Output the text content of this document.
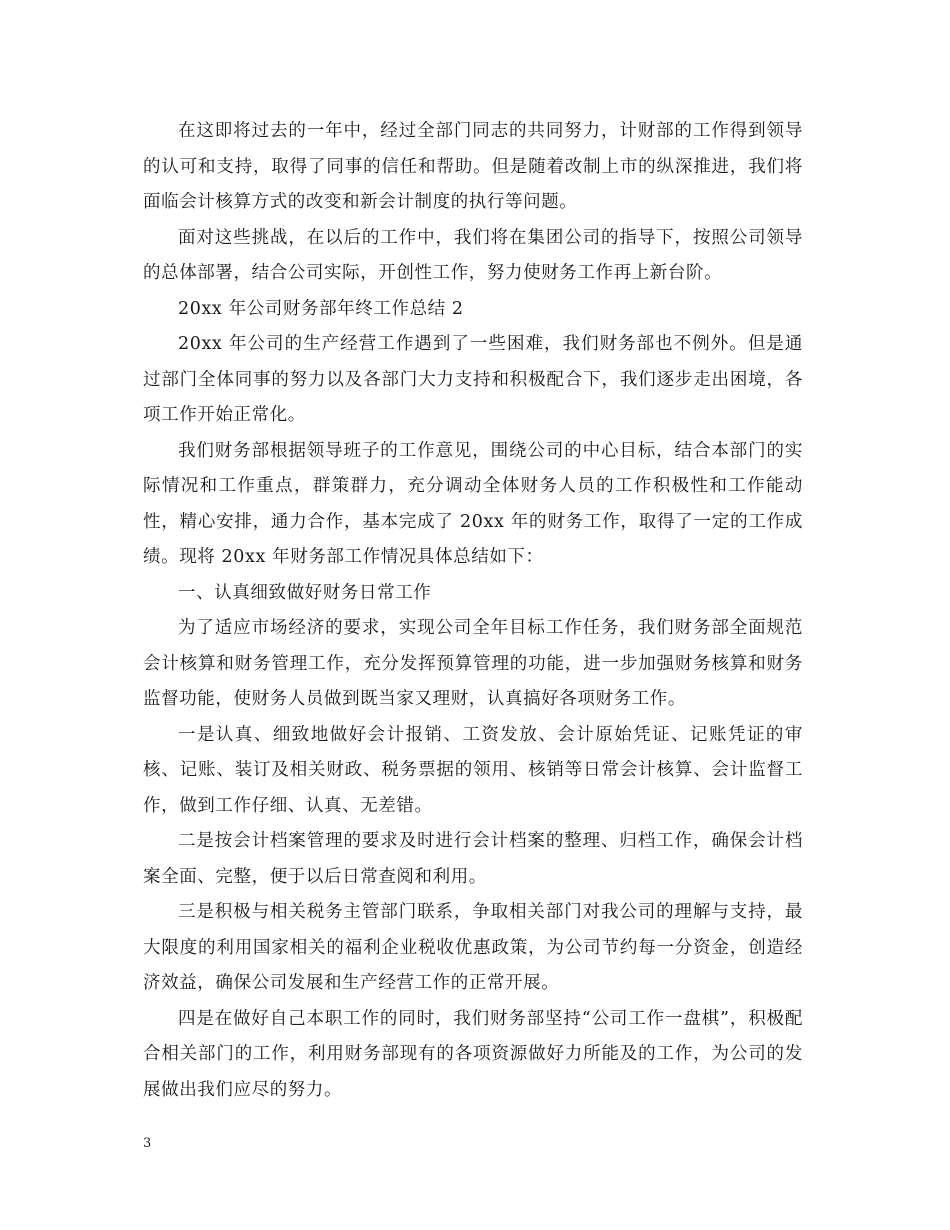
在这即将过去的一年中，经过全部门同志的共同努力，计财部的工作得到领导的认可和支持，取得了同事的信任和帮助。但是随着改制上市的纵深推进，我们将面临会计核算方式的改变和新会计制度的执行等问题。

面对这些挑战，在以后的工作中，我们将在集团公司的指导下，按照公司领导的总体部署，结合公司实际，开创性工作，努力使财务工作再上新台阶。

20xx 年公司财务部年终工作总结 2

20xx 年公司的生产经营工作遇到了一些困难，我们财务部也不例外。但是通过部门全体同事的努力以及各部门大力支持和积极配合下，我们逐步走出困境，各项工作开始正常化。

我们财务部根据领导班子的工作意见，围绕公司的中心目标，结合本部门的实际情况和工作重点，群策群力，充分调动全体财务人员的工作积极性和工作能动性，精心安排，通力合作，基本完成了 20xx 年的财务工作，取得了一定的工作成绩。现将 20xx 年财务部工作情况具体总结如下：

一、认真细致做好财务日常工作

为了适应市场经济的要求，实现公司全年目标工作任务，我们财务部全面规范会计核算和财务管理工作，充分发挥预算管理的功能，进一步加强财务核算和财务监督功能，使财务人员做到既当家又理财，认真搞好各项财务工作。

一是认真、细致地做好会计报销、工资发放、会计原始凭证、记账凭证的审核、记账、装订及相关财政、税务票据的领用、核销等日常会计核算、会计监督工作，做到工作仔细、认真、无差错。

二是按会计档案管理的要求及时进行会计档案的整理、归档工作，确保会计档案全面、完整，便于以后日常查阅和利用。

三是积极与相关税务主管部门联系，争取相关部门对我公司的理解与支持，最大限度的利用国家相关的福利企业税收优惠政策，为公司节约每一分资金，创造经济效益，确保公司发展和生产经营工作的正常开展。

四是在做好自己本职工作的同时，我们财务部坚持“公司工作一盘棋”，积极配合相关部门的工作，利用财务部现有的各项资源做好力所能及的工作，为公司的发展做出我们应尽的努力。

3
